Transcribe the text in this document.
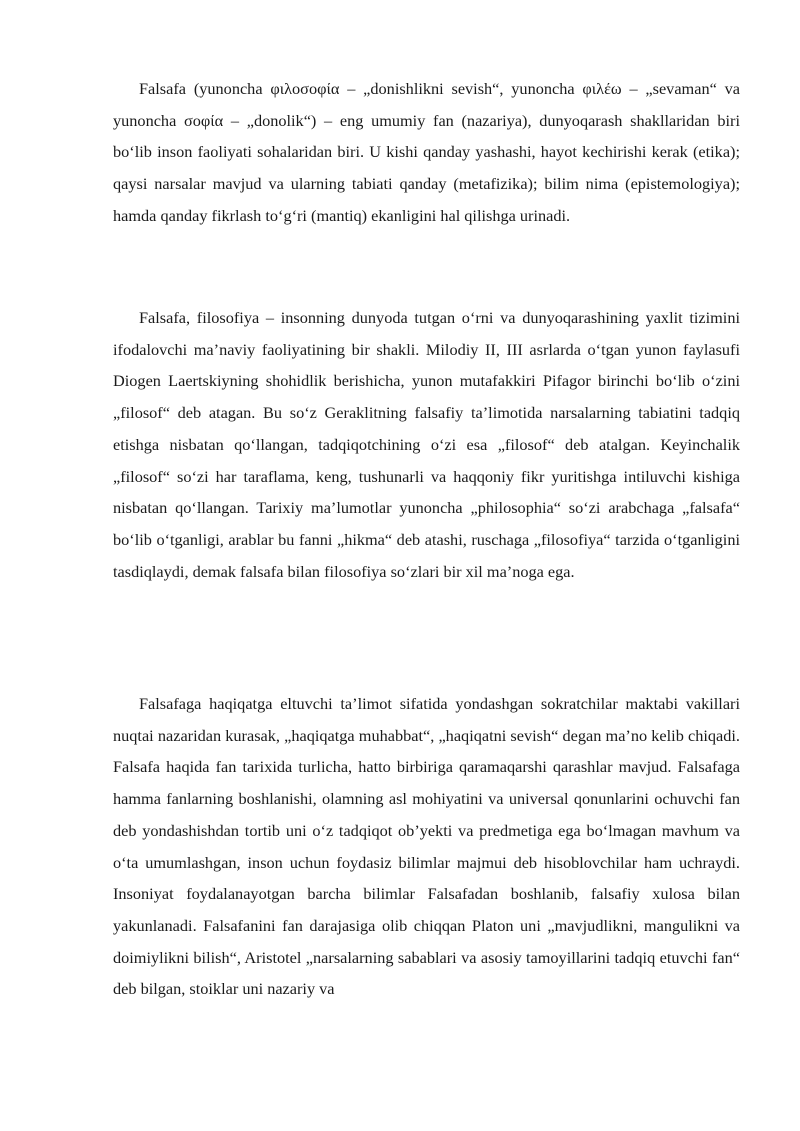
Falsafa (yunoncha φιλοσοφία – „donishlikni sevish“, yunoncha φιλέω – „sevaman“ va yunoncha σοφία – „donolik“) – eng umumiy fan (nazariya), dunyoqarash shakllaridan biri bo‘lib inson faoliyati sohalaridan biri. U kishi qanday yashashi, hayot kechirishi kerak (etika); qaysi narsalar mavjud va ularning tabiati qanday (metafizika); bilim nima (epistemologiya); hamda qanday fikrlash to‘g‘ri (mantiq) ekanligini hal qilishga urinadi.

Falsafa, filosofiya – insonning dunyoda tutgan o‘rni va dunyoqarashining yaxlit tizimini ifodalovchi ma’naviy faoliyatining bir shakli. Milodiy II, III asrlarda o‘tgan yunon faylasufi Diogen Laertskiyning shohidlik berishicha, yunon mutafakkiri Pifagor birinchi bo‘lib o‘zini „filosof“ deb atagan. Bu so‘z Geraklitning falsafiy ta’limotida narsalarning tabiatini tadqiq etishga nisbatan qo‘llangan, tadqiqotchining o‘zi esa „filosof“ deb atalgan. Keyinchalik „filosof“ so‘zi har taraflama, keng, tushunarli va haqqoniy fikr yuritishga intiluvchi kishiga nisbatan qo‘llangan. Tarixiy ma’lumotlar yunoncha „philosophia“ so‘zi arabchaga „falsafa“ bo‘lib o‘tganligi, arablar bu fanni „hikma“ deb atashi, ruschaga „filosofiya“ tarzida o‘tganligini tasdiqlaydi, demak falsafa bilan filosofiya so‘zlari bir xil ma’noga ega.

Falsafaga haqiqatga eltuvchi ta’limot sifatida yondashgan sokratchilar maktabi vakillari nuqtai nazaridan kurasak, „haqiqatga muhabbat“, „haqiqatni sevish“ degan ma’no kelib chiqadi. Falsafa haqida fan tarixida turlicha, hatto birbiriga qaramaqarshi qarashlar mavjud. Falsafaga hamma fanlarning boshlanishi, olamning asl mohiyatini va universal qonunlarini ochuvchi fan deb yondashishdan tortib uni o‘z tadqiqot ob’yekti va predmetiga ega bo‘lmagan mavhum va o‘ta umumlashgan, inson uchun foydasiz bilimlar majmui deb hisoblovchilar ham uchraydi. Insoniyat foydalanayotgan barcha bilimlar Falsafadan boshlanib, falsafiy xulosa bilan yakunlanadi. Falsafanini fan darajasiga olib chiqqan Platon uni „mavjudlikni, mangulikni va doimiylikni bilish“, Aristotel „narsalarning sabablari va asosiy tamoyillarini tadqiq etuvchi fan“ deb bilgan, stoiklar uni nazariy va
